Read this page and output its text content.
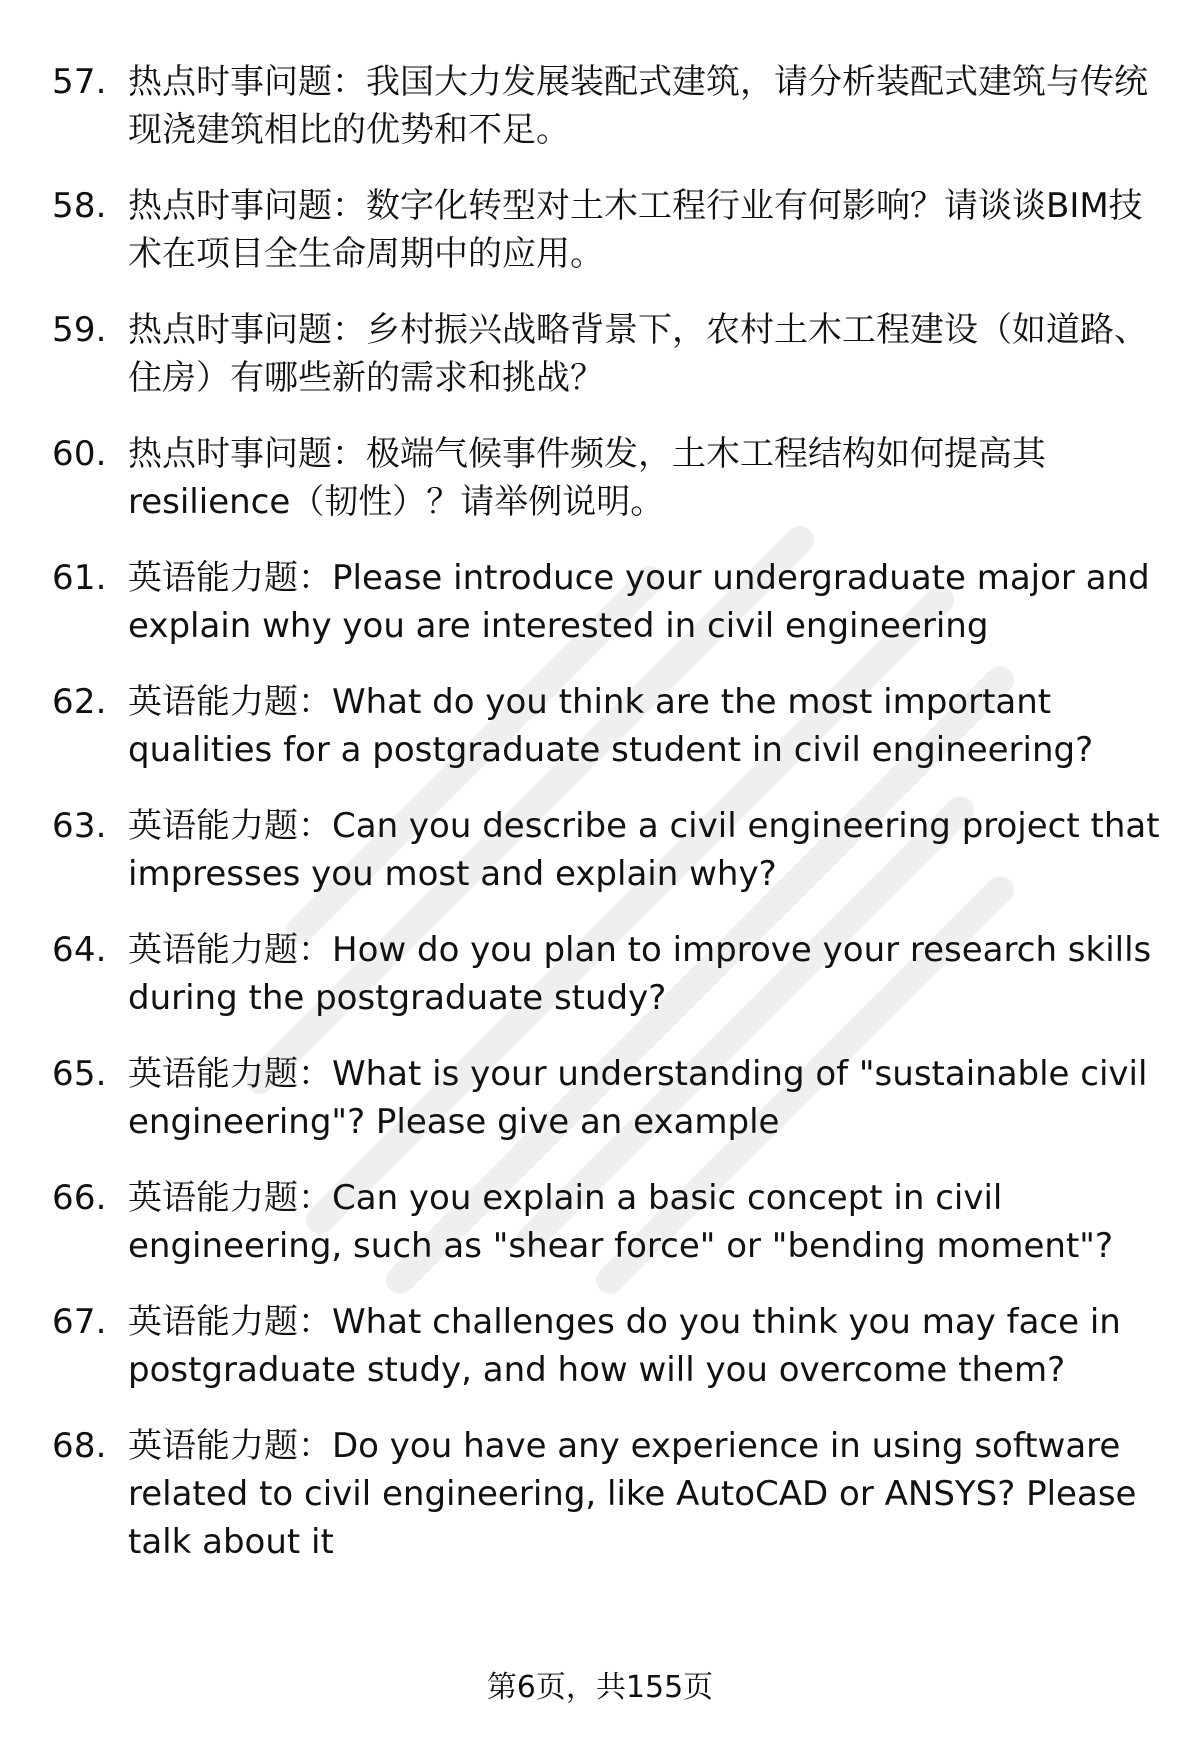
57. 热点时事问题：我国大力发展装配式建筑，请分析装配式建筑与传统现浇建筑相比的优势和不足。
58. 热点时事问题：数字化转型对土木工程行业有何影响？请谈谈BIM技术在项目全生命周期中的应用。
59. 热点时事问题：乡村振兴战略背景下，农村土木工程建设（如道路、住房）有哪些新的需求和挑战？
60. 热点时事问题：极端气候事件频发，土木工程结构如何提高其resilience（韧性）？请举例说明。
61. 英语能力题：Please introduce your undergraduate major and explain why you are interested in civil engineering
62. 英语能力题：What do you think are the most important qualities for a postgraduate student in civil engineering?
63. 英语能力题：Can you describe a civil engineering project that impresses you most and explain why?
64. 英语能力题：How do you plan to improve your research skills during the postgraduate study?
65. 英语能力题：What is your understanding of "sustainable civil engineering"? Please give an example
66. 英语能力题：Can you explain a basic concept in civil engineering, such as "shear force" or "bending moment"?
67. 英语能力题：What challenges do you think you may face in postgraduate study, and how will you overcome them?
68. 英语能力题：Do you have any experience in using software related to civil engineering, like AutoCAD or ANSYS? Please talk about it
第6页，共155页
